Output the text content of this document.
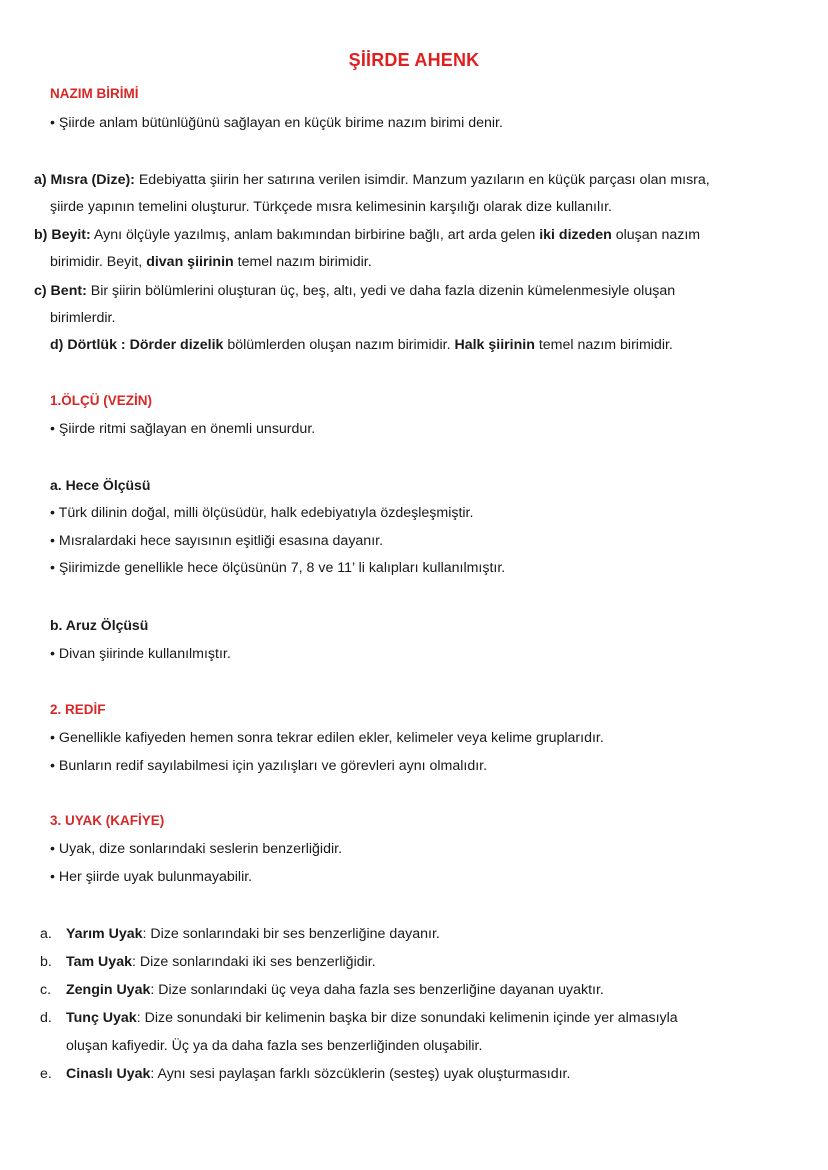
ŞİİRDE AHENK
NAZIM BİRİMİ
• Şiirde anlam bütünlüğünü sağlayan en küçük birime nazım birimi denir.
a) Mısra (Dize): Edebiyatta şiirin her satırına verilen isimdir. Manzum yazıların en küçük parçası olan mısra,
şiirde yapının temelini oluşturur. Türkçede mısra kelimesinin karşılığı olarak dize kullanılır.
b) Beyit: Aynı ölçüyle yazılmış, anlam bakımından birbirine bağlı, art arda gelen iki dizeden oluşan nazım
birimidir. Beyit, divan şiirinin temel nazım birimidir.
c) Bent: Bir şiirin bölümlerini oluşturan üç, beş, altı, yedi ve daha fazla dizenin kümelenmesiyle oluşan
birimlerdir.
d) Dörtlük : Dörder dizelik bölümlerden oluşan nazım birimidir. Halk şiirinin temel nazım birimidir.
1.ÖLÇÜ (VEZİN)
• Şiirde ritmi sağlayan en önemli unsurdur.
a. Hece Ölçüsü
• Türk dilinin doğal, milli ölçüsüdür, halk edebiyatıyla özdeşleşmiştir.
• Mısralardaki hece sayısının eşitliği esasına dayanır.
• Şiirimizde genellikle hece ölçüsünün 7, 8 ve 11’ li kalıpları kullanılmıştır.
b. Aruz Ölçüsü
• Divan şiirinde kullanılmıştır.
2. REDİF
• Genellikle kafiyeden hemen sonra tekrar edilen ekler, kelimeler veya kelime gruplarıdır.
• Bunların redif sayılabilmesi için yazılışları ve görevleri aynı olmalıdır.
3. UYAK (KAFİYE)
• Uyak, dize sonlarındaki seslerin benzerliğidir.
• Her şiirde uyak bulunmayabilir.
a. Yarım Uyak: Dize sonlarındaki bir ses benzerliğine dayanır.
b. Tam Uyak: Dize sonlarındaki iki ses benzerliğidir.
c. Zengin Uyak: Dize sonlarındaki üç veya daha fazla ses benzerliğine dayanan uyaktır.
d. Tunç Uyak: Dize sonundaki bir kelimenin başka bir dize sonundaki kelimenin içinde yer almasıyla
oluşan kafiyedir. Üç ya da daha fazla ses benzerliğinden oluşabilir.
e. Cinaslı Uyak: Aynı sesi paylaşan farklı sözcüklerin (sesteş) uyak oluşturmasıdır.
